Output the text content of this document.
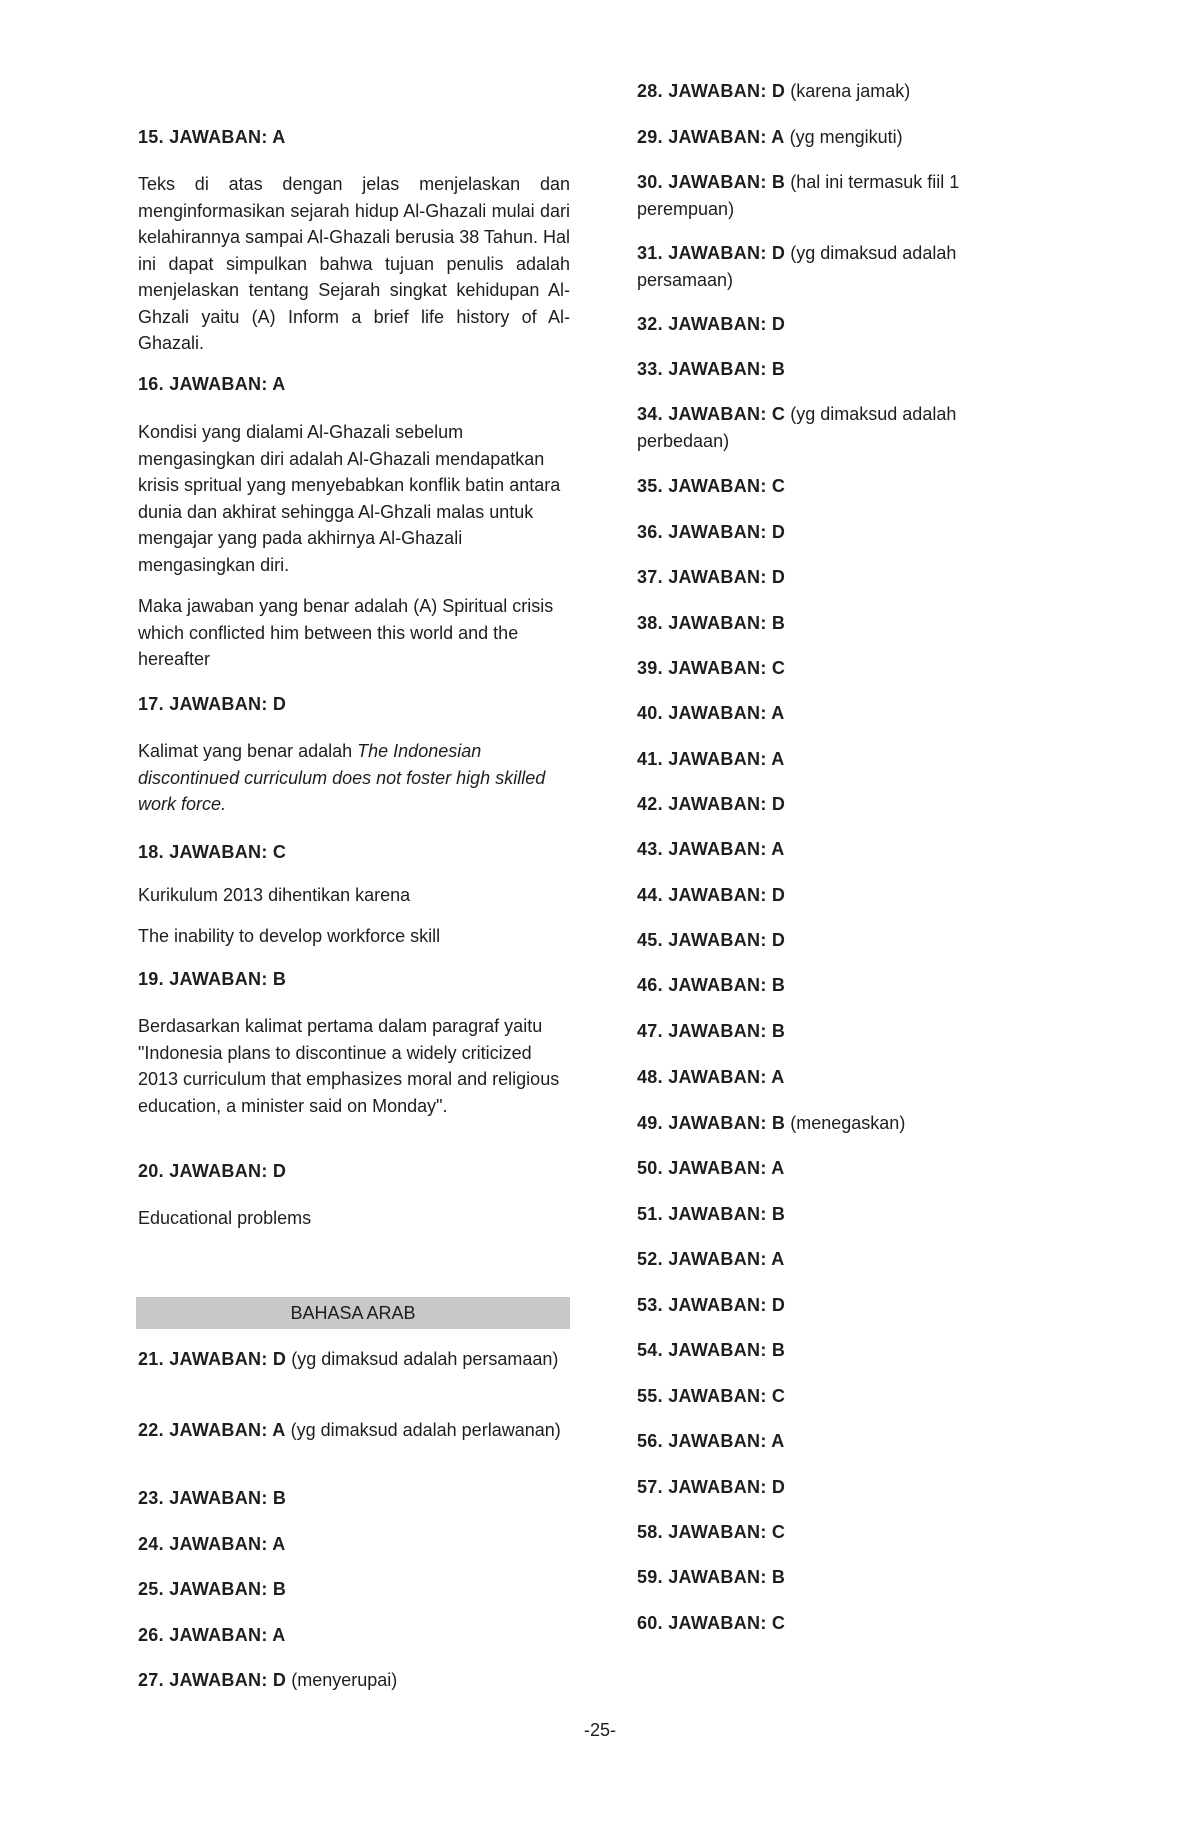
15. JAWABAN: A
Teks di atas dengan jelas menjelaskan dan menginformasikan sejarah hidup Al-Ghazali mulai dari kelahirannya sampai Al-Ghazali berusia 38 Tahun. Hal ini dapat simpulkan bahwa tujuan penulis adalah menjelaskan tentang Sejarah singkat kehidupan Al-Ghzali yaitu (A) Inform a brief life history of Al-Ghazali.
16. JAWABAN: A
Kondisi yang dialami Al-Ghazali sebelum mengasingkan diri adalah Al-Ghazali mendapatkan krisis spritual yang menyebabkan konflik batin antara dunia dan akhirat sehingga Al-Ghzali malas untuk mengajar yang pada akhirnya Al-Ghazali mengasingkan diri.
Maka jawaban yang benar adalah (A) Spiritual crisis which conflicted him between this world and the hereafter
17. JAWABAN: D
Kalimat yang benar adalah The Indonesian discontinued curriculum does not foster high skilled work force.
18. JAWABAN: C
Kurikulum 2013 dihentikan karena
The inability to develop workforce skill
19. JAWABAN: B
Berdasarkan kalimat pertama dalam paragraf yaitu "Indonesia plans to discontinue a widely criticized 2013 curriculum that emphasizes moral and religious education, a minister said on Monday".
20. JAWABAN: D
Educational problems
21. JAWABAN: D (yg dimaksud adalah persamaan)
22. JAWABAN: A (yg dimaksud adalah perlawanan)
23. JAWABAN: B
24. JAWABAN: A
25. JAWABAN: B
26. JAWABAN: A
27. JAWABAN: D (menyerupai)
BAHASA ARAB
28. JAWABAN: D (karena jamak)
29. JAWABAN: A (yg mengikuti)
30. JAWABAN: B (hal ini termasuk fiil 1 perempuan)
31. JAWABAN: D (yg dimaksud adalah persamaan)
32. JAWABAN: D
33. JAWABAN: B
34. JAWABAN: C (yg dimaksud adalah perbedaan)
35. JAWABAN: C
36. JAWABAN: D
37. JAWABAN: D
38. JAWABAN: B
39. JAWABAN: C
40. JAWABAN: A
41. JAWABAN: A
42. JAWABAN: D
43. JAWABAN: A
44. JAWABAN: D
45. JAWABAN: D
46. JAWABAN: B
47. JAWABAN: B
48. JAWABAN: A
49. JAWABAN: B (menegaskan)
50. JAWABAN: A
51. JAWABAN: B
52. JAWABAN: A
53. JAWABAN: D
54. JAWABAN: B
55. JAWABAN: C
56. JAWABAN: A
57. JAWABAN: D
58. JAWABAN: C
59. JAWABAN: B
60. JAWABAN: C
-25-
